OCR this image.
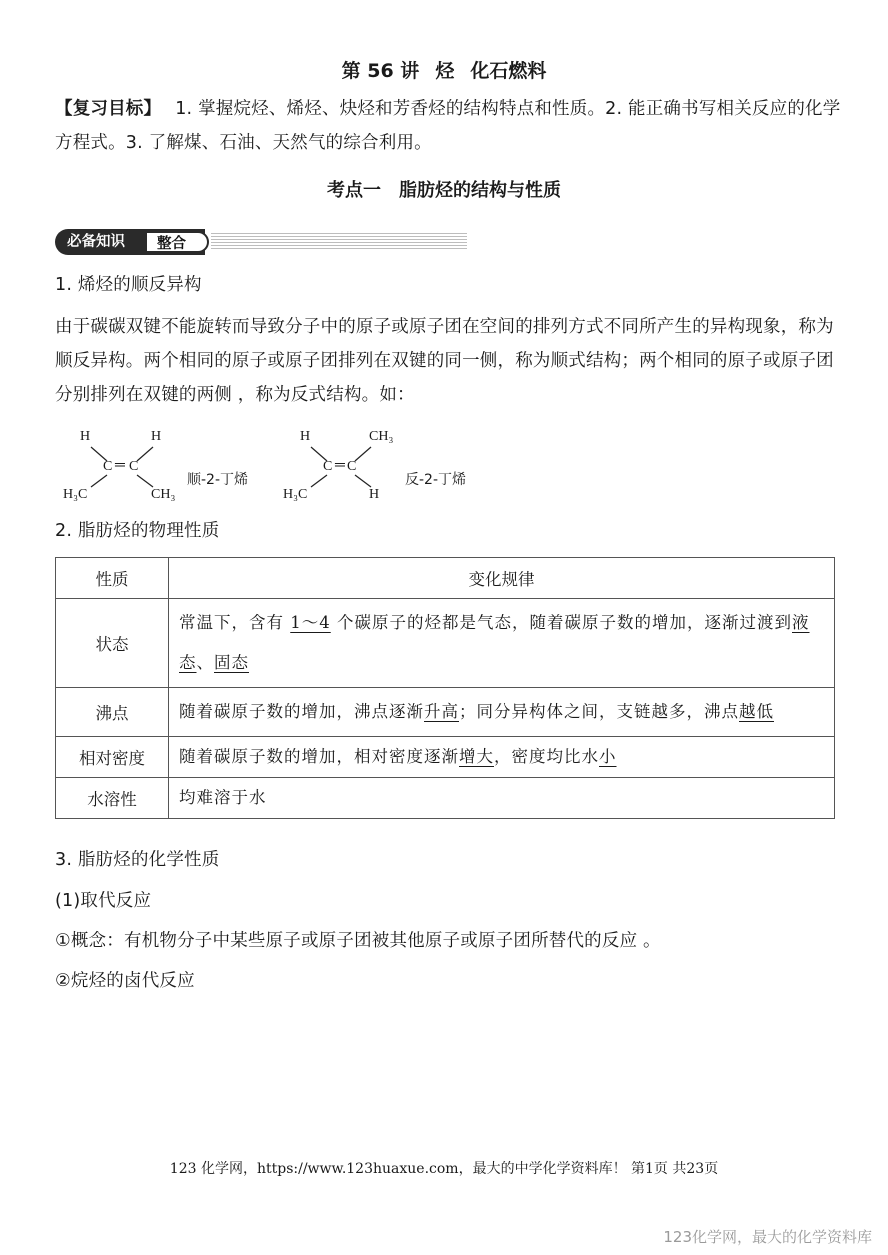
第 56 讲 烃 化石燃料
【复习目标】 1. 掌握烷烃、烯烃、炔烃和芳香烃的结构特点和性质。2. 能正确书写相关反应的化学方程式。3. 了解煤、石油、天然气的综合利用。
考点一 脂肪烃的结构与性质
必备知识	整合
1. 烯烃的顺反异构
由于碳碳双键不能旋转而导致分子中的原子或原子团在空间的排列方式不同所产生的异构现象，称为顺反异构。两个相同的原子或原子团排列在双键的同一侧，称为顺式结构；两个相同的原子或原子团分别排列在双键的两侧 ，称为反式结构。如：
H	H
C ═ C
H₃C	CH₃
顺-2-丁烯
H	CH₃
C ═ C
H₃C	H
反-2-丁烯
2. 脂肪烃的物理性质
性质	变化规律
状态	常温下，含有 1～4 个碳原子的烃都是气态，随着碳原子数的增加，逐渐过渡到液态、固态
沸点	随着碳原子数的增加，沸点逐渐升高；同分异构体之间，支链越多，沸点越低
相对密度	随着碳原子数的增加，相对密度逐渐增大，密度均比水小
水溶性	均难溶于水
3. 脂肪烃的化学性质
(1)取代反应
①概念：有机物分子中某些原子或原子团被其他原子或原子团所替代的反应 。
②烷烃的卤代反应
123 化学网，https://www.123huaxue.com，最大的中学化学资料库！ 第1页 共23页
123化学网，最大的化学资料库
